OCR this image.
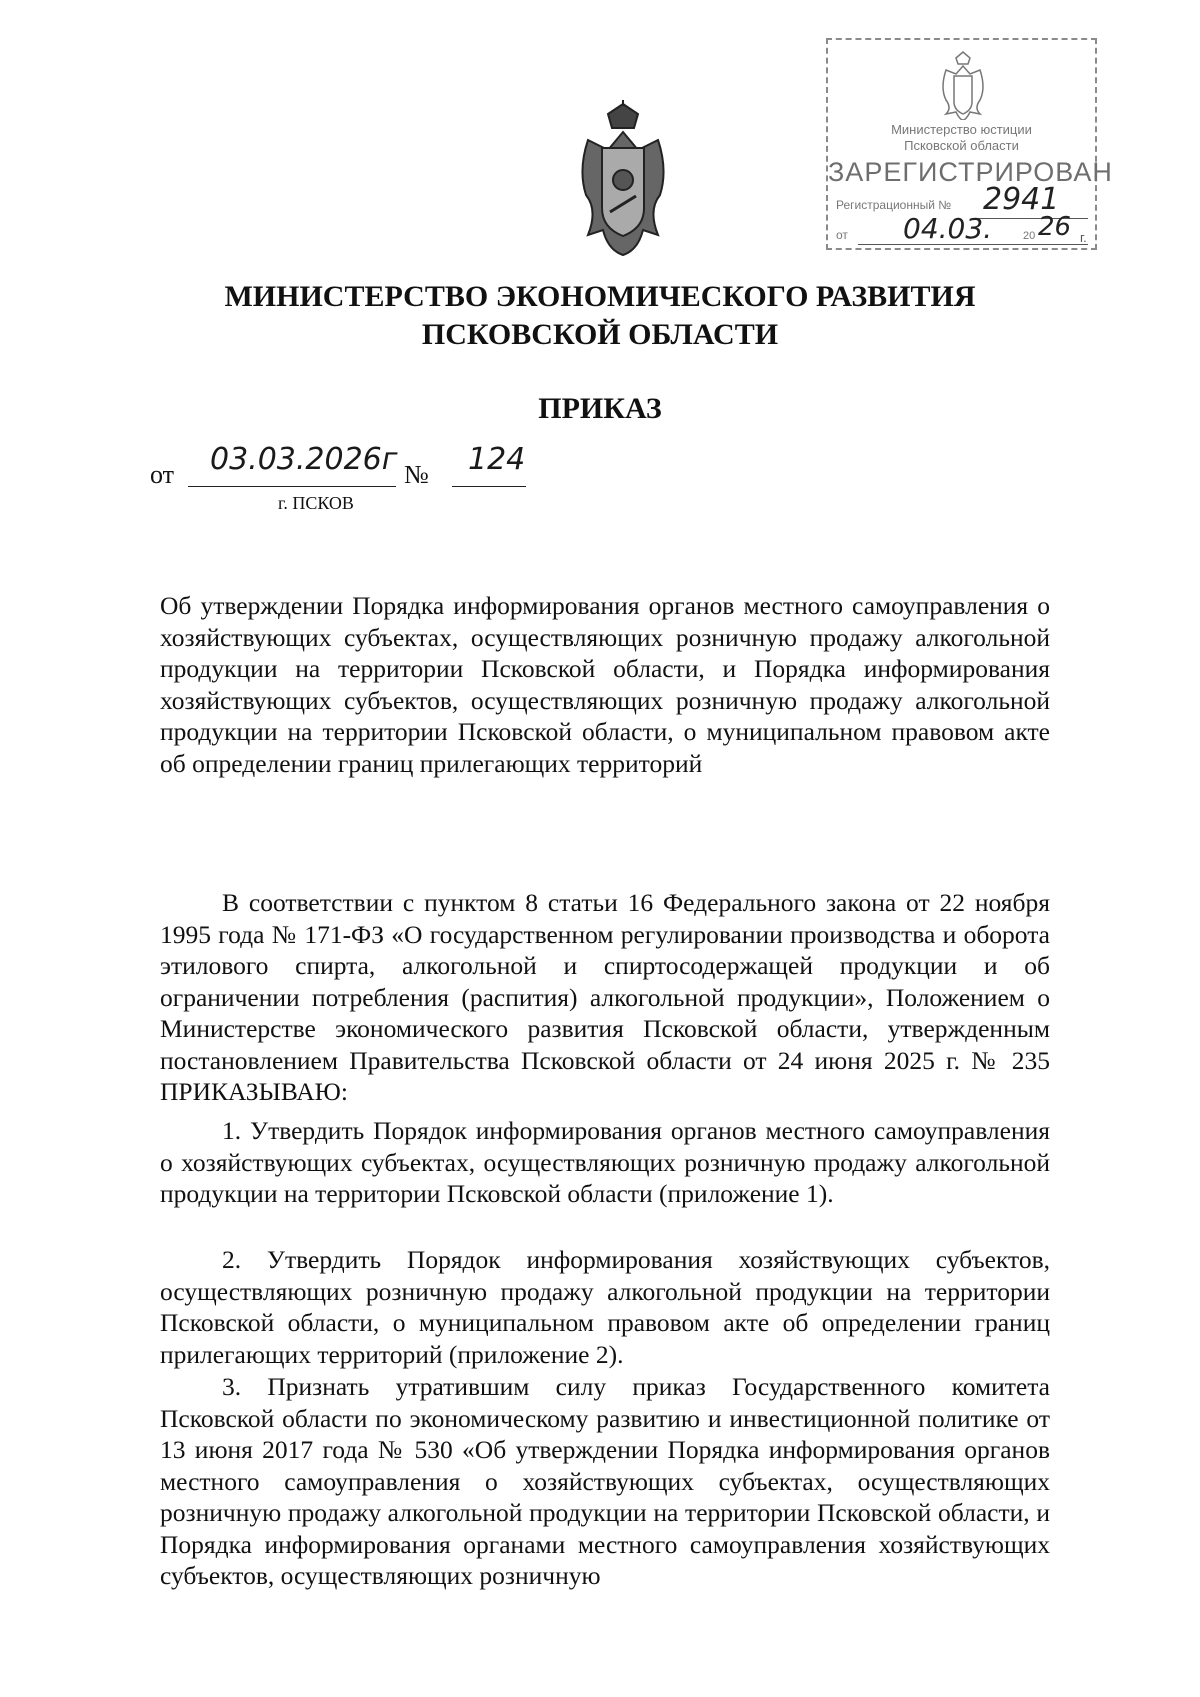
Министерство юстиции
Псковской области
ЗАРЕГИСТРИРОВАН
Регистрационный № 2941
от 04.03.	20 26 г.
МИНИСТЕРСТВО ЭКОНОМИЧЕСКОГО РАЗВИТИЯ
ПСКОВСКОЙ ОБЛАСТИ
ПРИКАЗ
от 03.03.2026г № 124
г. ПСКОВ
Об утверждении Порядка информирования органов местного самоуправления о хозяйствующих субъектах, осуществляющих розничную продажу алкогольной продукции на территории Псковской области, и Порядка информирования хозяйствующих субъектов, осуществляющих розничную продажу алкогольной продукции на территории Псковской области, о муниципальном правовом акте об определении границ прилегающих территорий
В соответствии с пунктом 8 статьи 16 Федерального закона от 22 ноября 1995 года № 171-ФЗ «О государственном регулировании производства и оборота этилового спирта, алкогольной и спиртосодержащей продукции и об ограничении потребления (распития) алкогольной продукции», Положением о Министерстве экономического развития Псковской области, утвержденным постановлением Правительства Псковской области от 24 июня 2025 г. № 235 ПРИКАЗЫВАЮ:
1. Утвердить Порядок информирования органов местного самоуправления о хозяйствующих субъектах, осуществляющих розничную продажу алкогольной продукции на территории Псковской области (приложение 1).
2. Утвердить Порядок информирования хозяйствующих субъектов, осуществляющих розничную продажу алкогольной продукции на территории Псковской области, о муниципальном правовом акте об определении границ прилегающих территорий (приложение 2).
3. Признать утратившим силу приказ Государственного комитета Псковской области по экономическому развитию и инвестиционной политике от 13 июня 2017 года № 530 «Об утверждении Порядка информирования органов местного самоуправления о хозяйствующих субъектах, осуществляющих розничную продажу алкогольной продукции на территории Псковской области, и Порядка информирования органами местного самоуправления хозяйствующих субъектов, осуществляющих розничную
